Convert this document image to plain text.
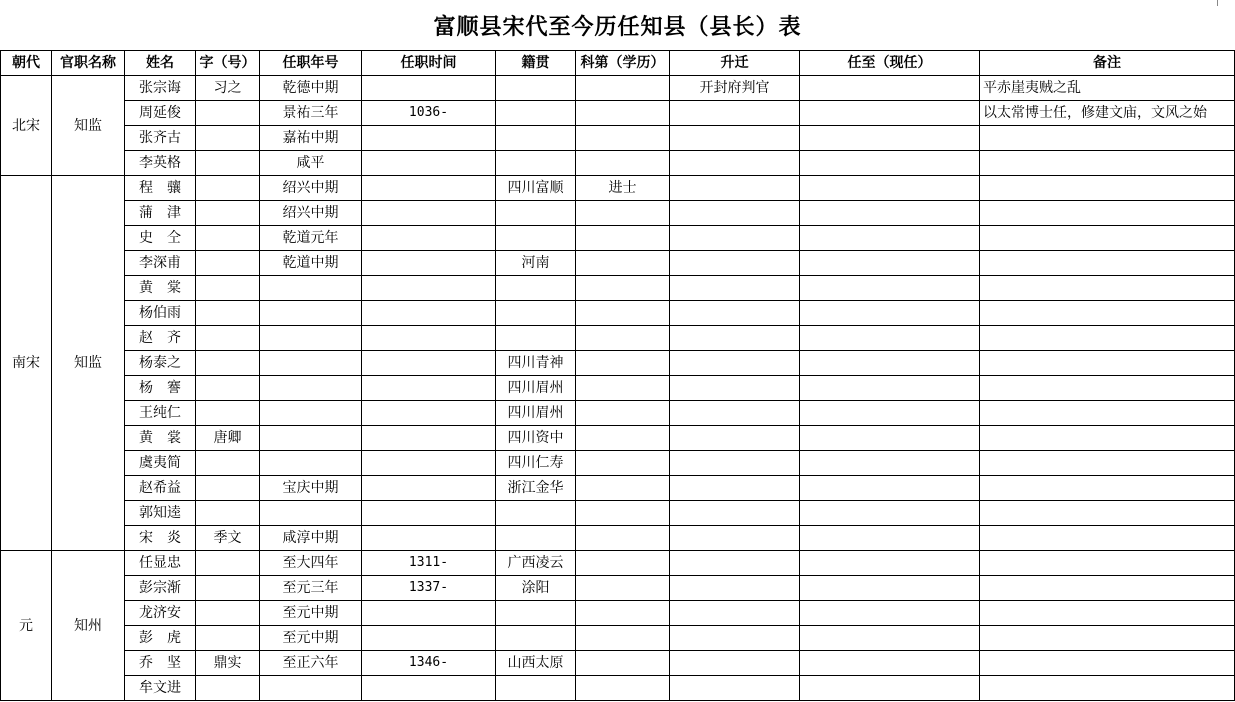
富顺县宋代至今历任知县（县长）表
朝代	官职名称	姓名	字（号）	任职年号	任职时间	籍贯	科第（学历）	升迁	任至（现任）	备注
北宋	知监	张宗诲	习之	乾德中期				开封府判官		平赤崖夷贼之乱
		周延俊		景祐三年	1036-					以太常博士任，修建文庙，文风之始
		张齐古		嘉祐中期						
		李英格		咸平						
南宋	知监	程　骧		绍兴中期		四川富顺	进士			
		蒲　津		绍兴中期						
		史　仝		乾道元年						
		李深甫		乾道中期		河南				
		黄　棠								
		杨伯雨								
		赵　齐								
		杨泰之				四川青神				
		杨　謇				四川眉州				
		王纯仁				四川眉州				
		黄　裳	唐卿			四川资中				
		虞夷简				四川仁寿				
		赵希益		宝庆中期		浙江金华				
		郭知逵								
		宋　炎	季文	咸淳中期						
元	知州	任显忠		至大四年	1311-	广西凌云				
		彭宗渐		至元三年	1337-	涂阳				
		龙济安		至元中期						
		彭　虎		至元中期						
		乔　坚	鼎实	至正六年	1346-	山西太原				
		牟文进								
